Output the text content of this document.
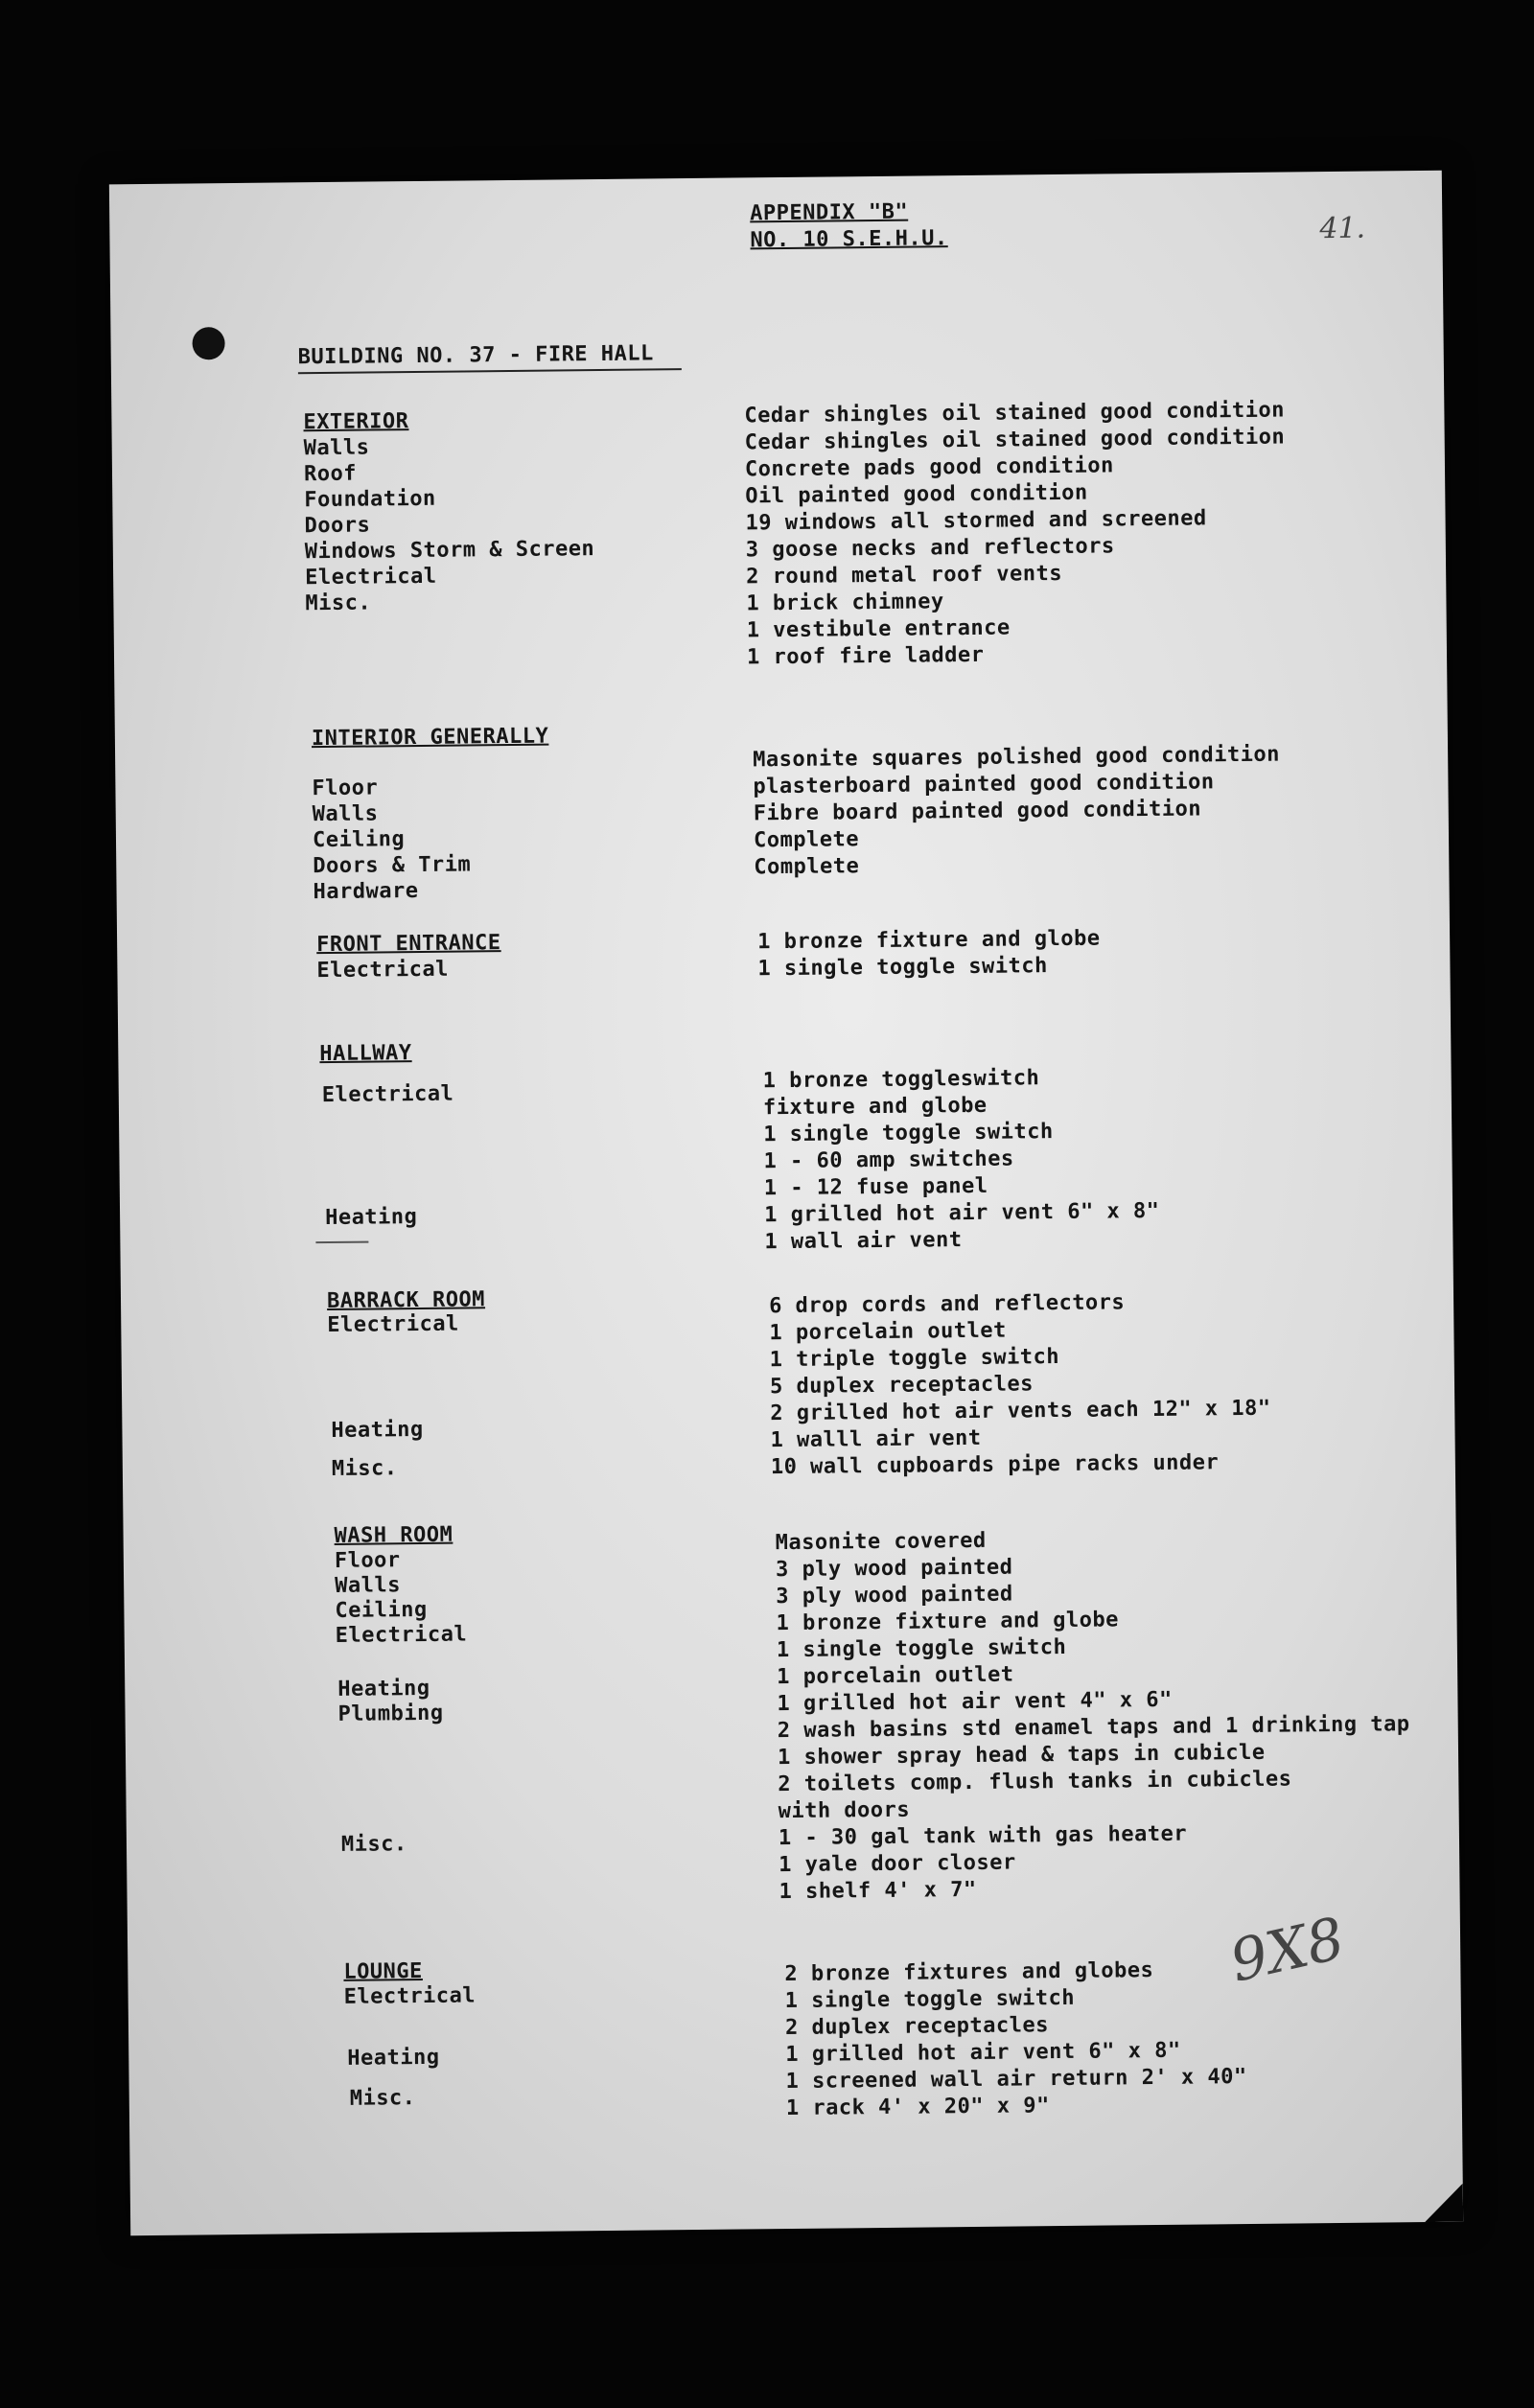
APPENDIX "B"
NO. 10 S.E.H.U.	41.
BUILDING NO. 37 - FIRE HALL
EXTERIOR
Walls
Roof
Foundation
Doors
Windows Storm & Screen
Electrical
Misc.
Cedar shingles oil stained good condition
Cedar shingles oil stained good condition
Concrete pads good condition
Oil painted good condition
19 windows all stormed and screened
3 goose necks and reflectors
2 round metal roof vents
1 brick chimney
1 vestibule entrance
1 roof fire ladder
INTERIOR GENERALLY
Floor
Walls
Ceiling
Doors & Trim
Hardware
Masonite squares polished good condition
plasterboard painted good condition
Fibre board painted good condition
Complete
Complete
FRONT ENTRANCE
Electrical
1 bronze fixture and globe
1 single toggle switch
HALLWAY
Electrical
Heating
1 bronze toggleswitch
fixture and globe
1 single toggle switch
1 - 60 amp switches
1 - 12 fuse panel
1 grilled hot air vent 6" x 8"
1 wall air vent
BARRACK ROOM
Electrical
Heating
Misc.
6 drop cords and reflectors
1 porcelain outlet
1 triple toggle switch
5 duplex receptacles
2 grilled hot air vents each 12" x 18"
1 walll air vent
10 wall cupboards pipe racks under
WASH ROOM
Floor
Walls
Ceiling
Electrical
Heating
Plumbing
Misc.
Masonite covered
3 ply wood painted
3 ply wood painted
1 bronze fixture and globe
1 single toggle switch
1 porcelain outlet
1 grilled hot air vent 4" x 6"
2 wash basins std enamel taps and 1 drinking tap
1 shower spray head & taps in cubicle
2 toilets comp. flush tanks in cubicles
with doors
1 - 30 gal tank with gas heater
1 yale door closer
1 shelf 4' x 7"
LOUNGE
Electrical
Heating
Misc.
2 bronze fixtures and globes
1 single toggle switch
2 duplex receptacles
1 grilled hot air vent 6" x 8"
1 screened wall air return 2' x 40"
1 rack 4' x 20" x 9"
9X8
